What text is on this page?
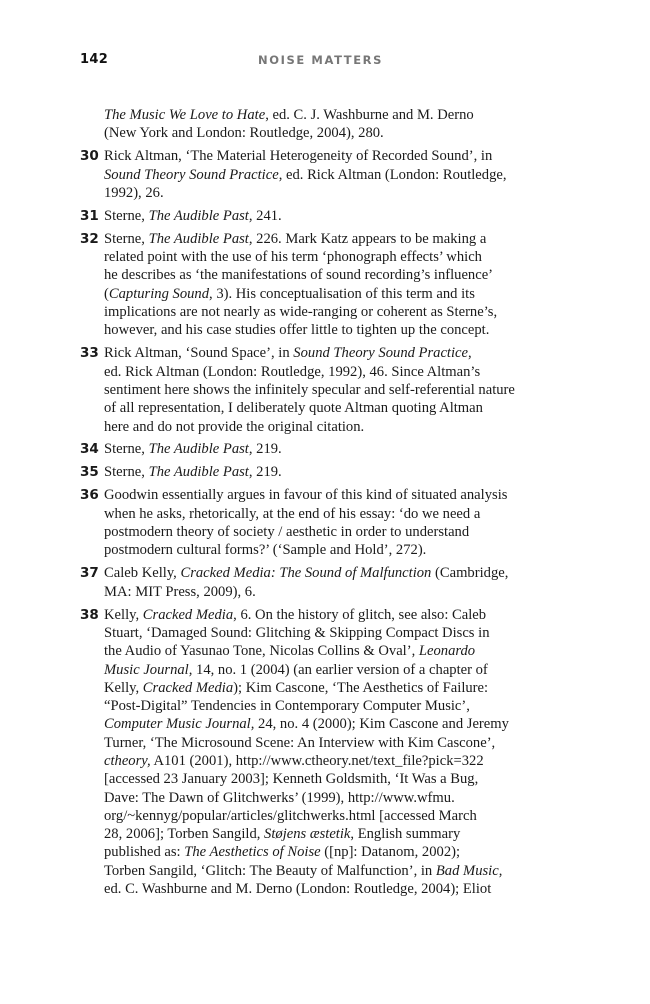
142	NOISE MATTERS
The Music We Love to Hate, ed. C. J. Washburne and M. Derno
(New York and London: Routledge, 2004), 280.
30 Rick Altman, ‘The Material Heterogeneity of Recorded Sound’, in
Sound Theory Sound Practice, ed. Rick Altman (London: Routledge,
1992), 26.
31 Sterne, The Audible Past, 241.
32 Sterne, The Audible Past, 226. Mark Katz appears to be making a
related point with the use of his term ‘phonograph effects’ which
he describes as ‘the manifestations of sound recording’s influence’
(Capturing Sound, 3). His conceptualisation of this term and its
implications are not nearly as wide-ranging or coherent as Sterne’s,
however, and his case studies offer little to tighten up the concept.
33 Rick Altman, ‘Sound Space’, in Sound Theory Sound Practice,
ed. Rick Altman (London: Routledge, 1992), 46. Since Altman’s
sentiment here shows the infinitely specular and self-referential nature
of all representation, I deliberately quote Altman quoting Altman
here and do not provide the original citation.
34 Sterne, The Audible Past, 219.
35 Sterne, The Audible Past, 219.
36 Goodwin essentially argues in favour of this kind of situated analysis
when he asks, rhetorically, at the end of his essay: ‘do we need a
postmodern theory of society / aesthetic in order to understand
postmodern cultural forms?’ (‘Sample and Hold’, 272).
37 Caleb Kelly, Cracked Media: The Sound of Malfunction (Cambridge,
MA: MIT Press, 2009), 6.
38 Kelly, Cracked Media, 6. On the history of glitch, see also: Caleb
Stuart, ‘Damaged Sound: Glitching & Skipping Compact Discs in
the Audio of Yasunao Tone, Nicolas Collins & Oval’, Leonardo
Music Journal, 14, no. 1 (2004) (an earlier version of a chapter of
Kelly, Cracked Media); Kim Cascone, ‘The Aesthetics of Failure:
“Post-Digital” Tendencies in Contemporary Computer Music’,
Computer Music Journal, 24, no. 4 (2000); Kim Cascone and Jeremy
Turner, ‘The Microsound Scene: An Interview with Kim Cascone’,
ctheory, A101 (2001), http://www.ctheory.net/text_file?pick=322
[accessed 23 January 2003]; Kenneth Goldsmith, ‘It Was a Bug,
Dave: The Dawn of Glitchwerks’ (1999), http://www.wfmu.
org/~kennyg/popular/articles/glitchwerks.html [accessed March
28, 2006]; Torben Sangild, Støjens æstetik, English summary
published as: The Aesthetics of Noise ([np]: Datanom, 2002);
Torben Sangild, ‘Glitch: The Beauty of Malfunction’, in Bad Music,
ed. C. Washburne and M. Derno (London: Routledge, 2004); Eliot
